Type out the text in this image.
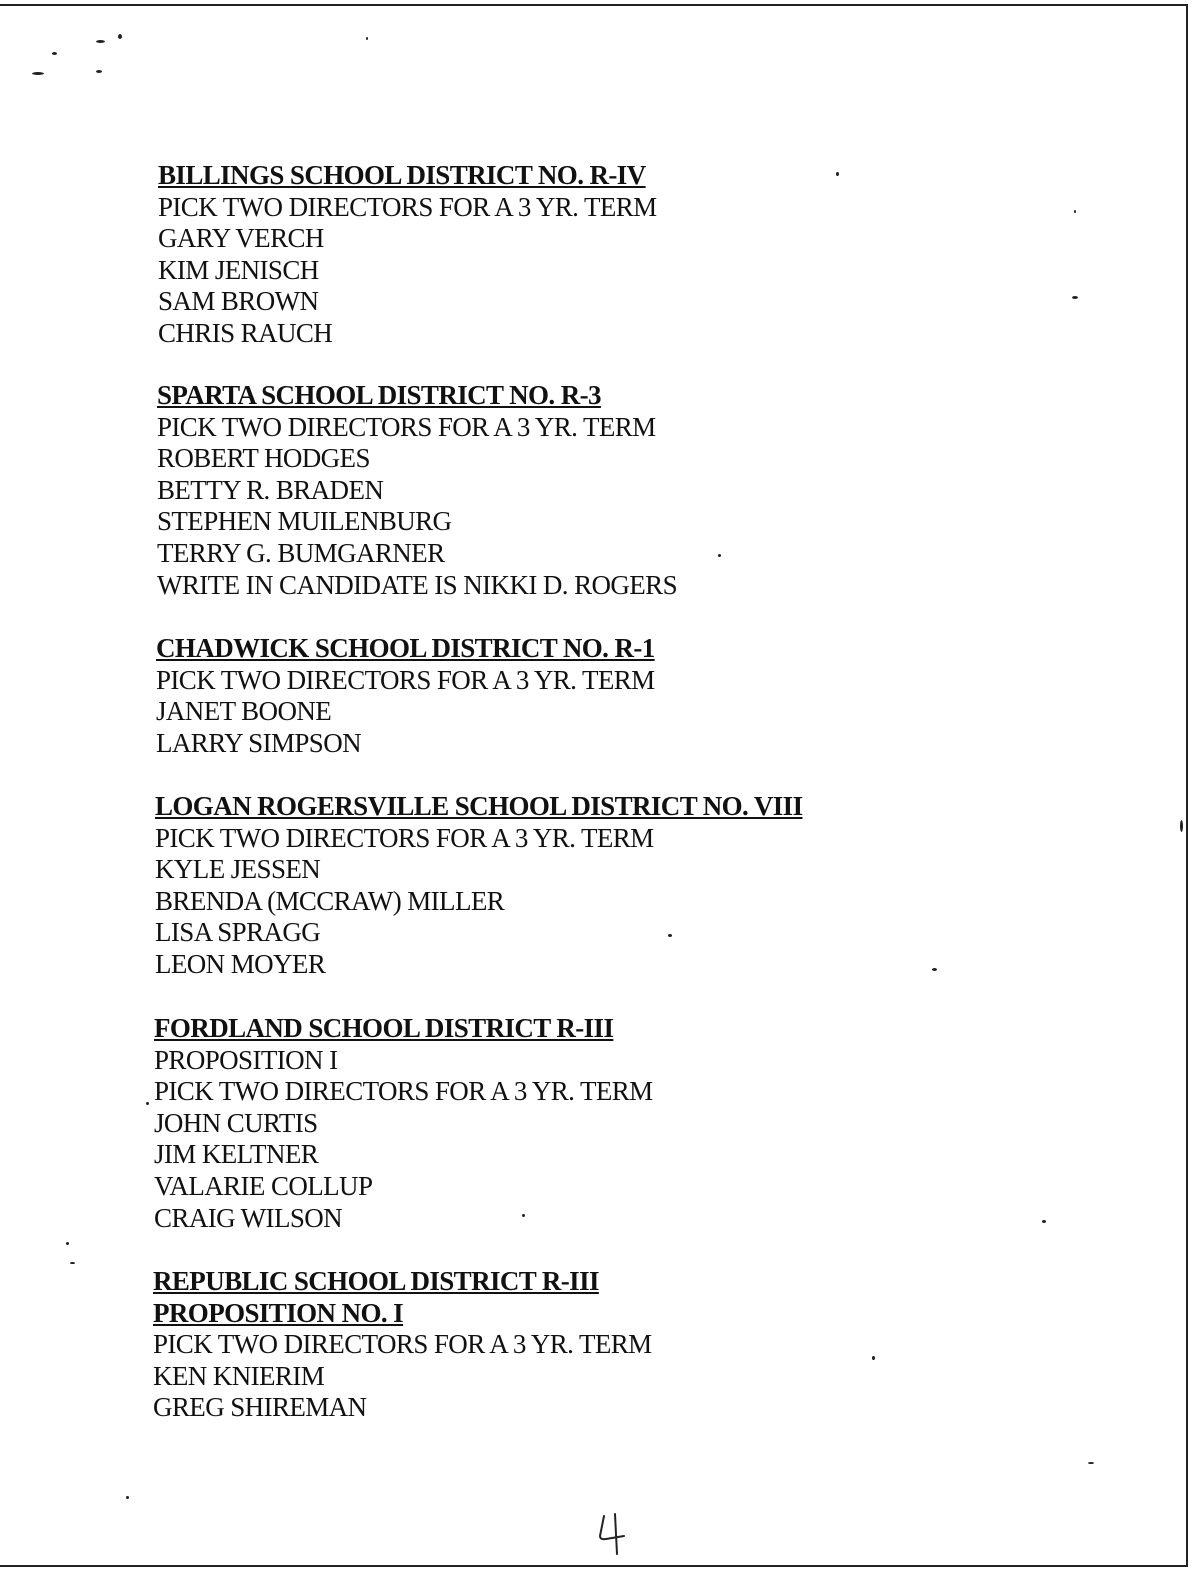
BILLINGS SCHOOL DISTRICT NO. R-IV
PICK TWO DIRECTORS FOR A 3 YR. TERM
GARY VERCH
KIM JENISCH
SAM BROWN
CHRIS RAUCH
SPARTA SCHOOL DISTRICT NO. R-3
PICK TWO DIRECTORS FOR A 3 YR. TERM
ROBERT HODGES
BETTY R. BRADEN
STEPHEN MUILENBURG
TERRY G. BUMGARNER
WRITE IN CANDIDATE IS NIKKI D. ROGERS
CHADWICK SCHOOL DISTRICT NO. R-1
PICK TWO DIRECTORS FOR A 3 YR. TERM
JANET BOONE
LARRY SIMPSON
LOGAN ROGERSVILLE SCHOOL DISTRICT NO. VIII
PICK TWO DIRECTORS FOR A 3 YR. TERM
KYLE JESSEN
BRENDA (MCCRAW) MILLER
LISA SPRAGG
LEON MOYER
FORDLAND SCHOOL DISTRICT R-III
PROPOSITION I
PICK TWO DIRECTORS FOR A 3 YR. TERM
JOHN CURTIS
JIM KELTNER
VALARIE COLLUP
CRAIG WILSON
REPUBLIC SCHOOL DISTRICT R-III
PROPOSITION NO. I
PICK TWO DIRECTORS FOR A 3 YR. TERM
KEN KNIERIM
GREG SHIREMAN
